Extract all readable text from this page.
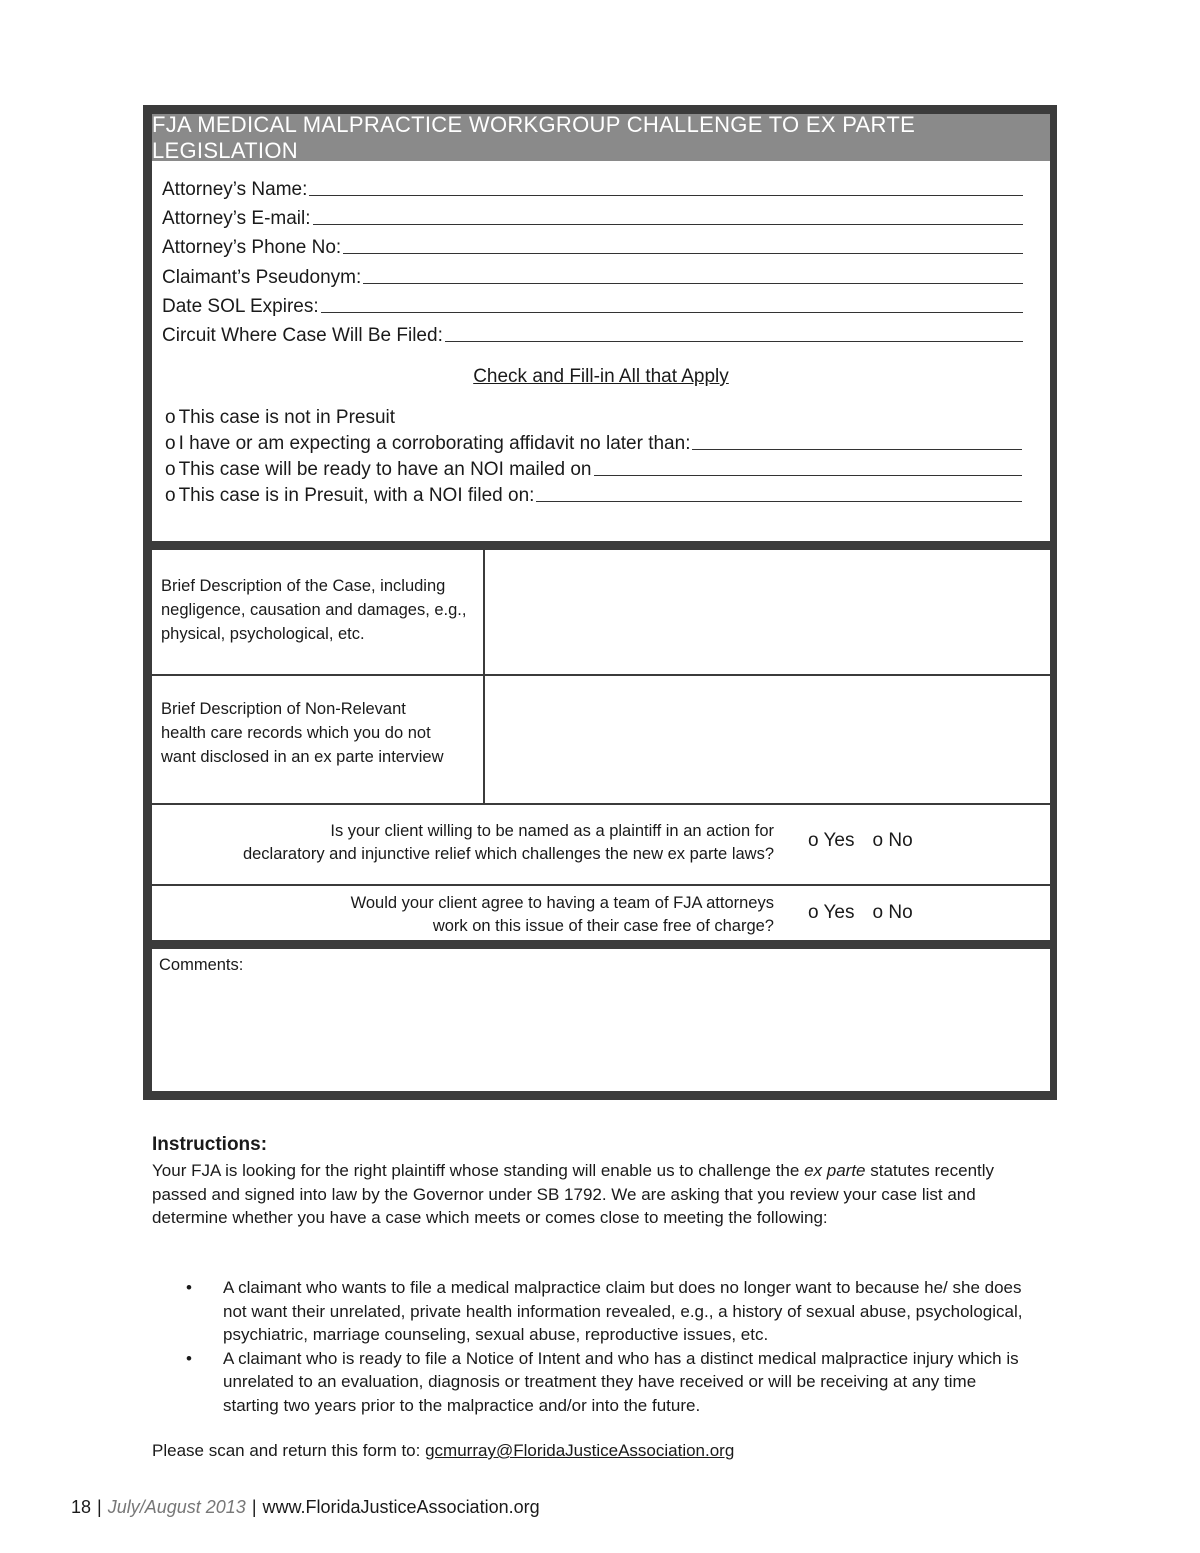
FJA MEDICAL MALPRACTICE WORKGROUP CHALLENGE TO EX PARTE LEGISLATION
Attorney’s Name:
Attorney’s E-mail:
Attorney’s Phone No:
Claimant’s Pseudonym:
Date SOL Expires:
Circuit Where Case Will Be Filed:
Check and Fill-in All that Apply
o This case is not in Presuit
o I have or am expecting a corroborating affidavit no later than:
o This case will be ready to have an NOI mailed on
o This case is in Presuit, with a NOI filed on:
Brief Description of the Case, including
negligence, causation and damages, e.g.,
physical, psychological, etc.
Brief Description of Non-Relevant
health care records which you do not
want disclosed in an ex parte interview
Is your client willing to be named as a plaintiff in an action for
declaratory and injunctive relief which challenges the new ex parte laws?
o Yes o No
Would your client agree to having a team of FJA attorneys
work on this issue of their case free of charge?
o Yes o No
Comments:
Instructions:
Your FJA is looking for the right plaintiff whose standing will enable us to challenge the ex parte statutes recently passed and signed into law by the Governor under SB 1792. We are asking that you review your case list and determine whether you have a case which meets or comes close to meeting the following:
•	A claimant who wants to file a medical malpractice claim but does no longer want to because he/ she does not want their unrelated, private health information revealed, e.g., a history of sexual abuse, psychological, psychiatric, marriage counseling, sexual abuse, reproductive issues, etc.
•	A claimant who is ready to file a Notice of Intent and who has a distinct medical malpractice injury which is unrelated to an evaluation, diagnosis or treatment they have received or will be receiving at any time starting two years prior to the malpractice and/or into the future.
Please scan and return this form to: gcmurray@FloridaJusticeAssociation.org
18 | July/August 2013 | www.FloridaJusticeAssociation.org
